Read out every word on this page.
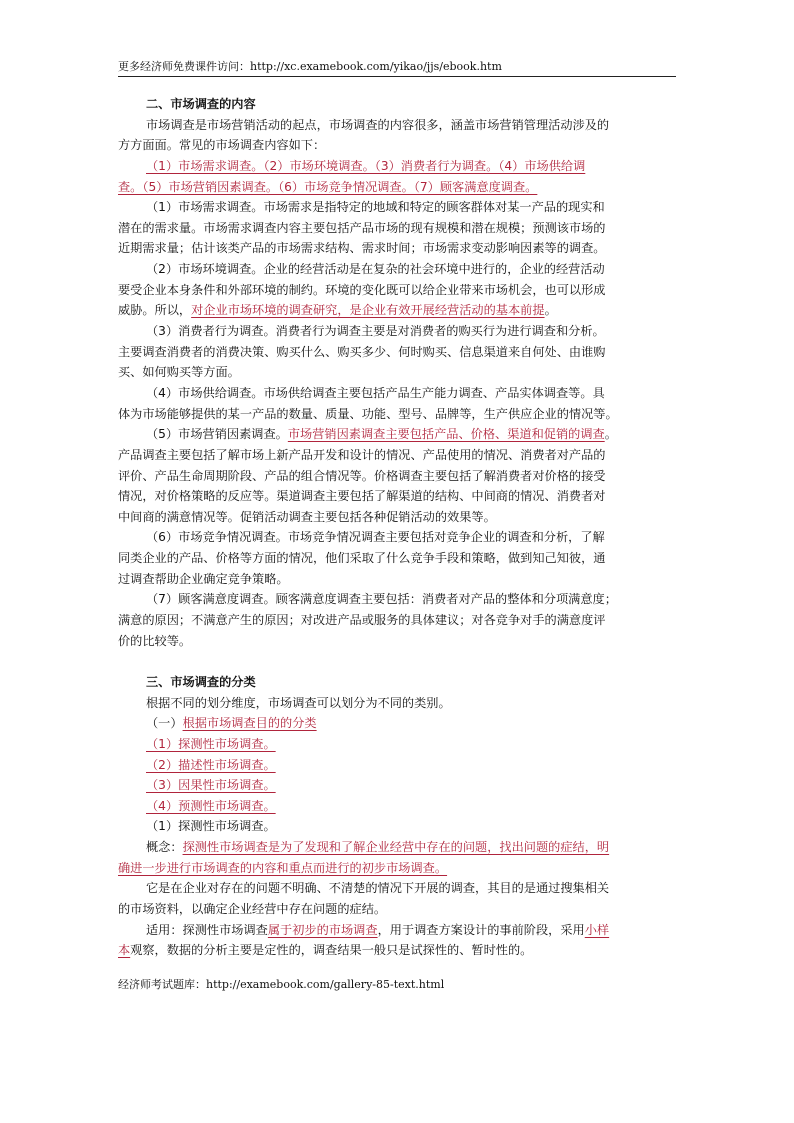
更多经济师免费课件访问：http://xc.examebook.com/yikao/jjs/ebook.htm
二、市场调查的内容
市场调查是市场营销活动的起点，市场调查的内容很多，涵盖市场营销管理活动涉及的
方方面面。常见的市场调查内容如下：
（1）市场需求调查。（2）市场环境调查。（3）消费者行为调查。（4）市场供给调
查。（5）市场营销因素调查。（6）市场竞争情况调查。（7）顾客满意度调查。
（1）市场需求调查。市场需求是指特定的地域和特定的顾客群体对某一产品的现实和
潜在的需求量。市场需求调查内容主要包括产品市场的现有规模和潜在规模；预测该市场的
近期需求量；估计该类产品的市场需求结构、需求时间；市场需求变动影响因素等的调查。
（2）市场环境调查。企业的经营活动是在复杂的社会环境中进行的，企业的经营活动
要受企业本身条件和外部环境的制约。环境的变化既可以给企业带来市场机会，也可以形成
威胁。所以，对企业市场环境的调查研究，是企业有效开展经营活动的基本前提。
（3）消费者行为调查。消费者行为调查主要是对消费者的购买行为进行调查和分析。
主要调查消费者的消费决策、购买什么、购买多少、何时购买、信息渠道来自何处、由谁购
买、如何购买等方面。
（4）市场供给调查。市场供给调查主要包括产品生产能力调查、产品实体调查等。具
体为市场能够提供的某一产品的数量、质量、功能、型号、品牌等，生产供应企业的情况等。
（5）市场营销因素调查。市场营销因素调查主要包括产品、价格、渠道和促销的调查。
产品调查主要包括了解市场上新产品开发和设计的情况、产品使用的情况、消费者对产品的
评价、产品生命周期阶段、产品的组合情况等。价格调查主要包括了解消费者对价格的接受
情况，对价格策略的反应等。渠道调查主要包括了解渠道的结构、中间商的情况、消费者对
中间商的满意情况等。促销活动调查主要包括各种促销活动的效果等。
（6）市场竞争情况调查。市场竞争情况调查主要包括对竞争企业的调查和分析，了解
同类企业的产品、价格等方面的情况，他们采取了什么竞争手段和策略，做到知己知彼，通
过调查帮助企业确定竞争策略。
（7）顾客满意度调查。顾客满意度调查主要包括：消费者对产品的整体和分项满意度；
满意的原因；不满意产生的原因；对改进产品或服务的具体建议；对各竞争对手的满意度评
价的比较等。
三、市场调查的分类
根据不同的划分维度，市场调查可以划分为不同的类别。
（一）根据市场调查目的的分类
（1）探测性市场调查。
（2）描述性市场调查。
（3）因果性市场调查。
（4）预测性市场调查。
（1）探测性市场调查。
概念：探测性市场调查是为了发现和了解企业经营中存在的问题，找出问题的症结，明
确进一步进行市场调查的内容和重点而进行的初步市场调查。
它是在企业对存在的问题不明确、不清楚的情况下开展的调查，其目的是通过搜集相关
的市场资料，以确定企业经营中存在问题的症结。
适用：探测性市场调查属于初步的市场调查，用于调查方案设计的事前阶段，采用小样
本观察，数据的分析主要是定性的，调查结果一般只是试探性的、暂时性的。
经济师考试题库：http://examebook.com/gallery-85-text.html
